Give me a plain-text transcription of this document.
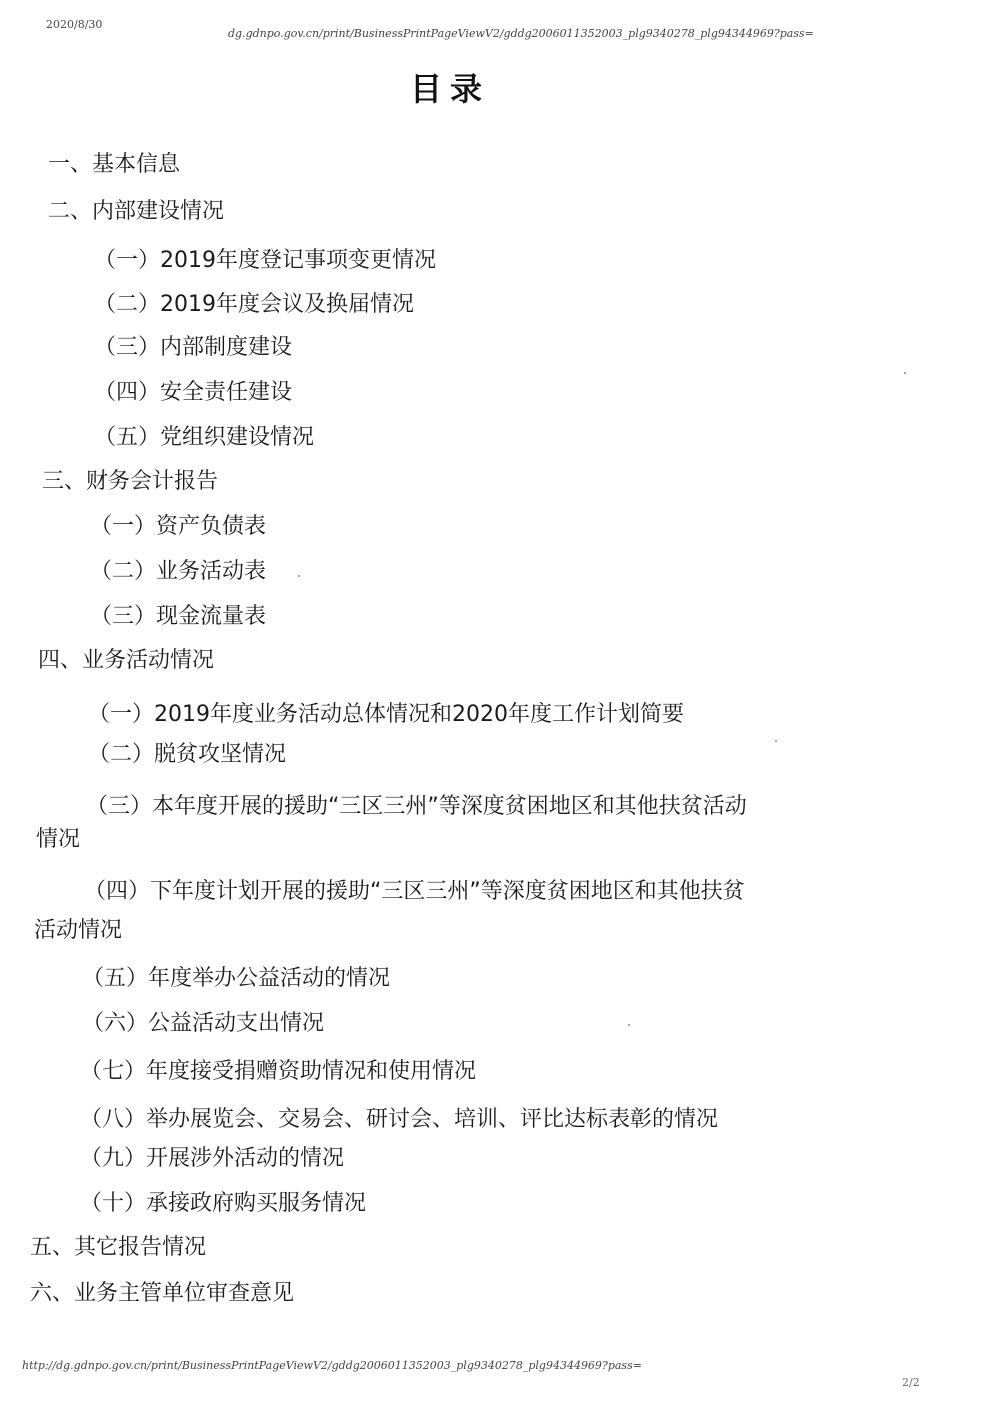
2020/8/30
dg.gdnpo.gov.cn/print/BusinessPrintPageViewV2/gddg2006011352003_plg9340278_plg94344969?pass=
目录
一、基本信息
二、内部建设情况
（一）2019年度登记事项变更情况
（二）2019年度会议及换届情况
（三）内部制度建设
（四）安全责任建设
（五）党组织建设情况
三、财务会计报告
（一）资产负债表
（二）业务活动表
（三）现金流量表
四、业务活动情况
（一）2019年度业务活动总体情况和2020年度工作计划简要
（二）脱贫攻坚情况
（三）本年度开展的援助“三区三州”等深度贫困地区和其他扶贫活动
情况
（四）下年度计划开展的援助“三区三州”等深度贫困地区和其他扶贫
活动情况
（五）年度举办公益活动的情况
（六）公益活动支出情况
（七）年度接受捐赠资助情况和使用情况
（八）举办展览会、交易会、研讨会、培训、评比达标表彰的情况
（九）开展涉外活动的情况
（十）承接政府购买服务情况
五、其它报告情况
六、业务主管单位审查意见
http://dg.gdnpo.gov.cn/print/BusinessPrintPageViewV2/gddg2006011352003_plg9340278_plg94344969?pass=
2/2
